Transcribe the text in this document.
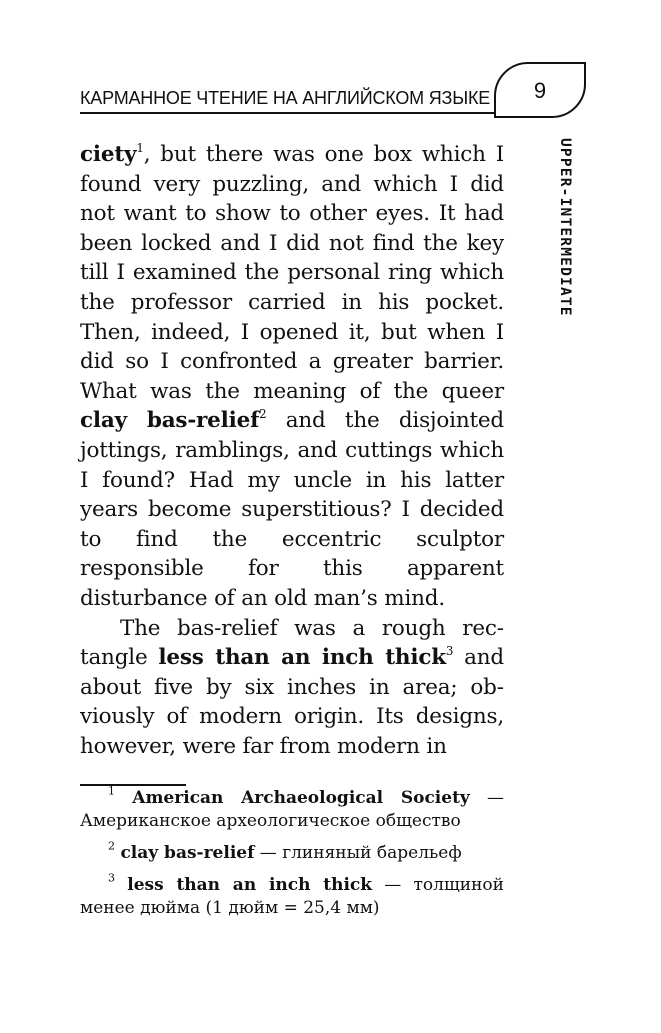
КАРМАННОЕ ЧТЕНИЕ НА АНГЛИЙСКОМ ЯЗЫКЕ	9
UPPER-INTERMEDIATE

ciety$^1$, but there was one box which I found very puzzling, and which I did not want to show to other eyes. It had been locked and I did not find the key till I examined the personal ring which the professor carried in his pocket. Then, indeed, I opened it, but when I did so I confronted a greater barrier. What was the meaning of the queer clay bas-relief$^2$ and the disjointed jottings, ramblings, and cuttings which I found? Had my uncle in his latter years become superstitious? I decided to find the eccentric sculptor responsible for this apparent disturbance of an old man’s mind.

The bas-relief was a rough rectangle less than an inch thick$^3$ and about five by six inches in area; obviously of modern origin. Its designs, however, were far from modern in

$^1$ American Archaeological Society — Американское археологическое общество

$^2$ clay bas-relief — глиняный барельеф

$^3$ less than an inch thick — толщиной менее дюйма (1 дюйм = 25,4 мм)
